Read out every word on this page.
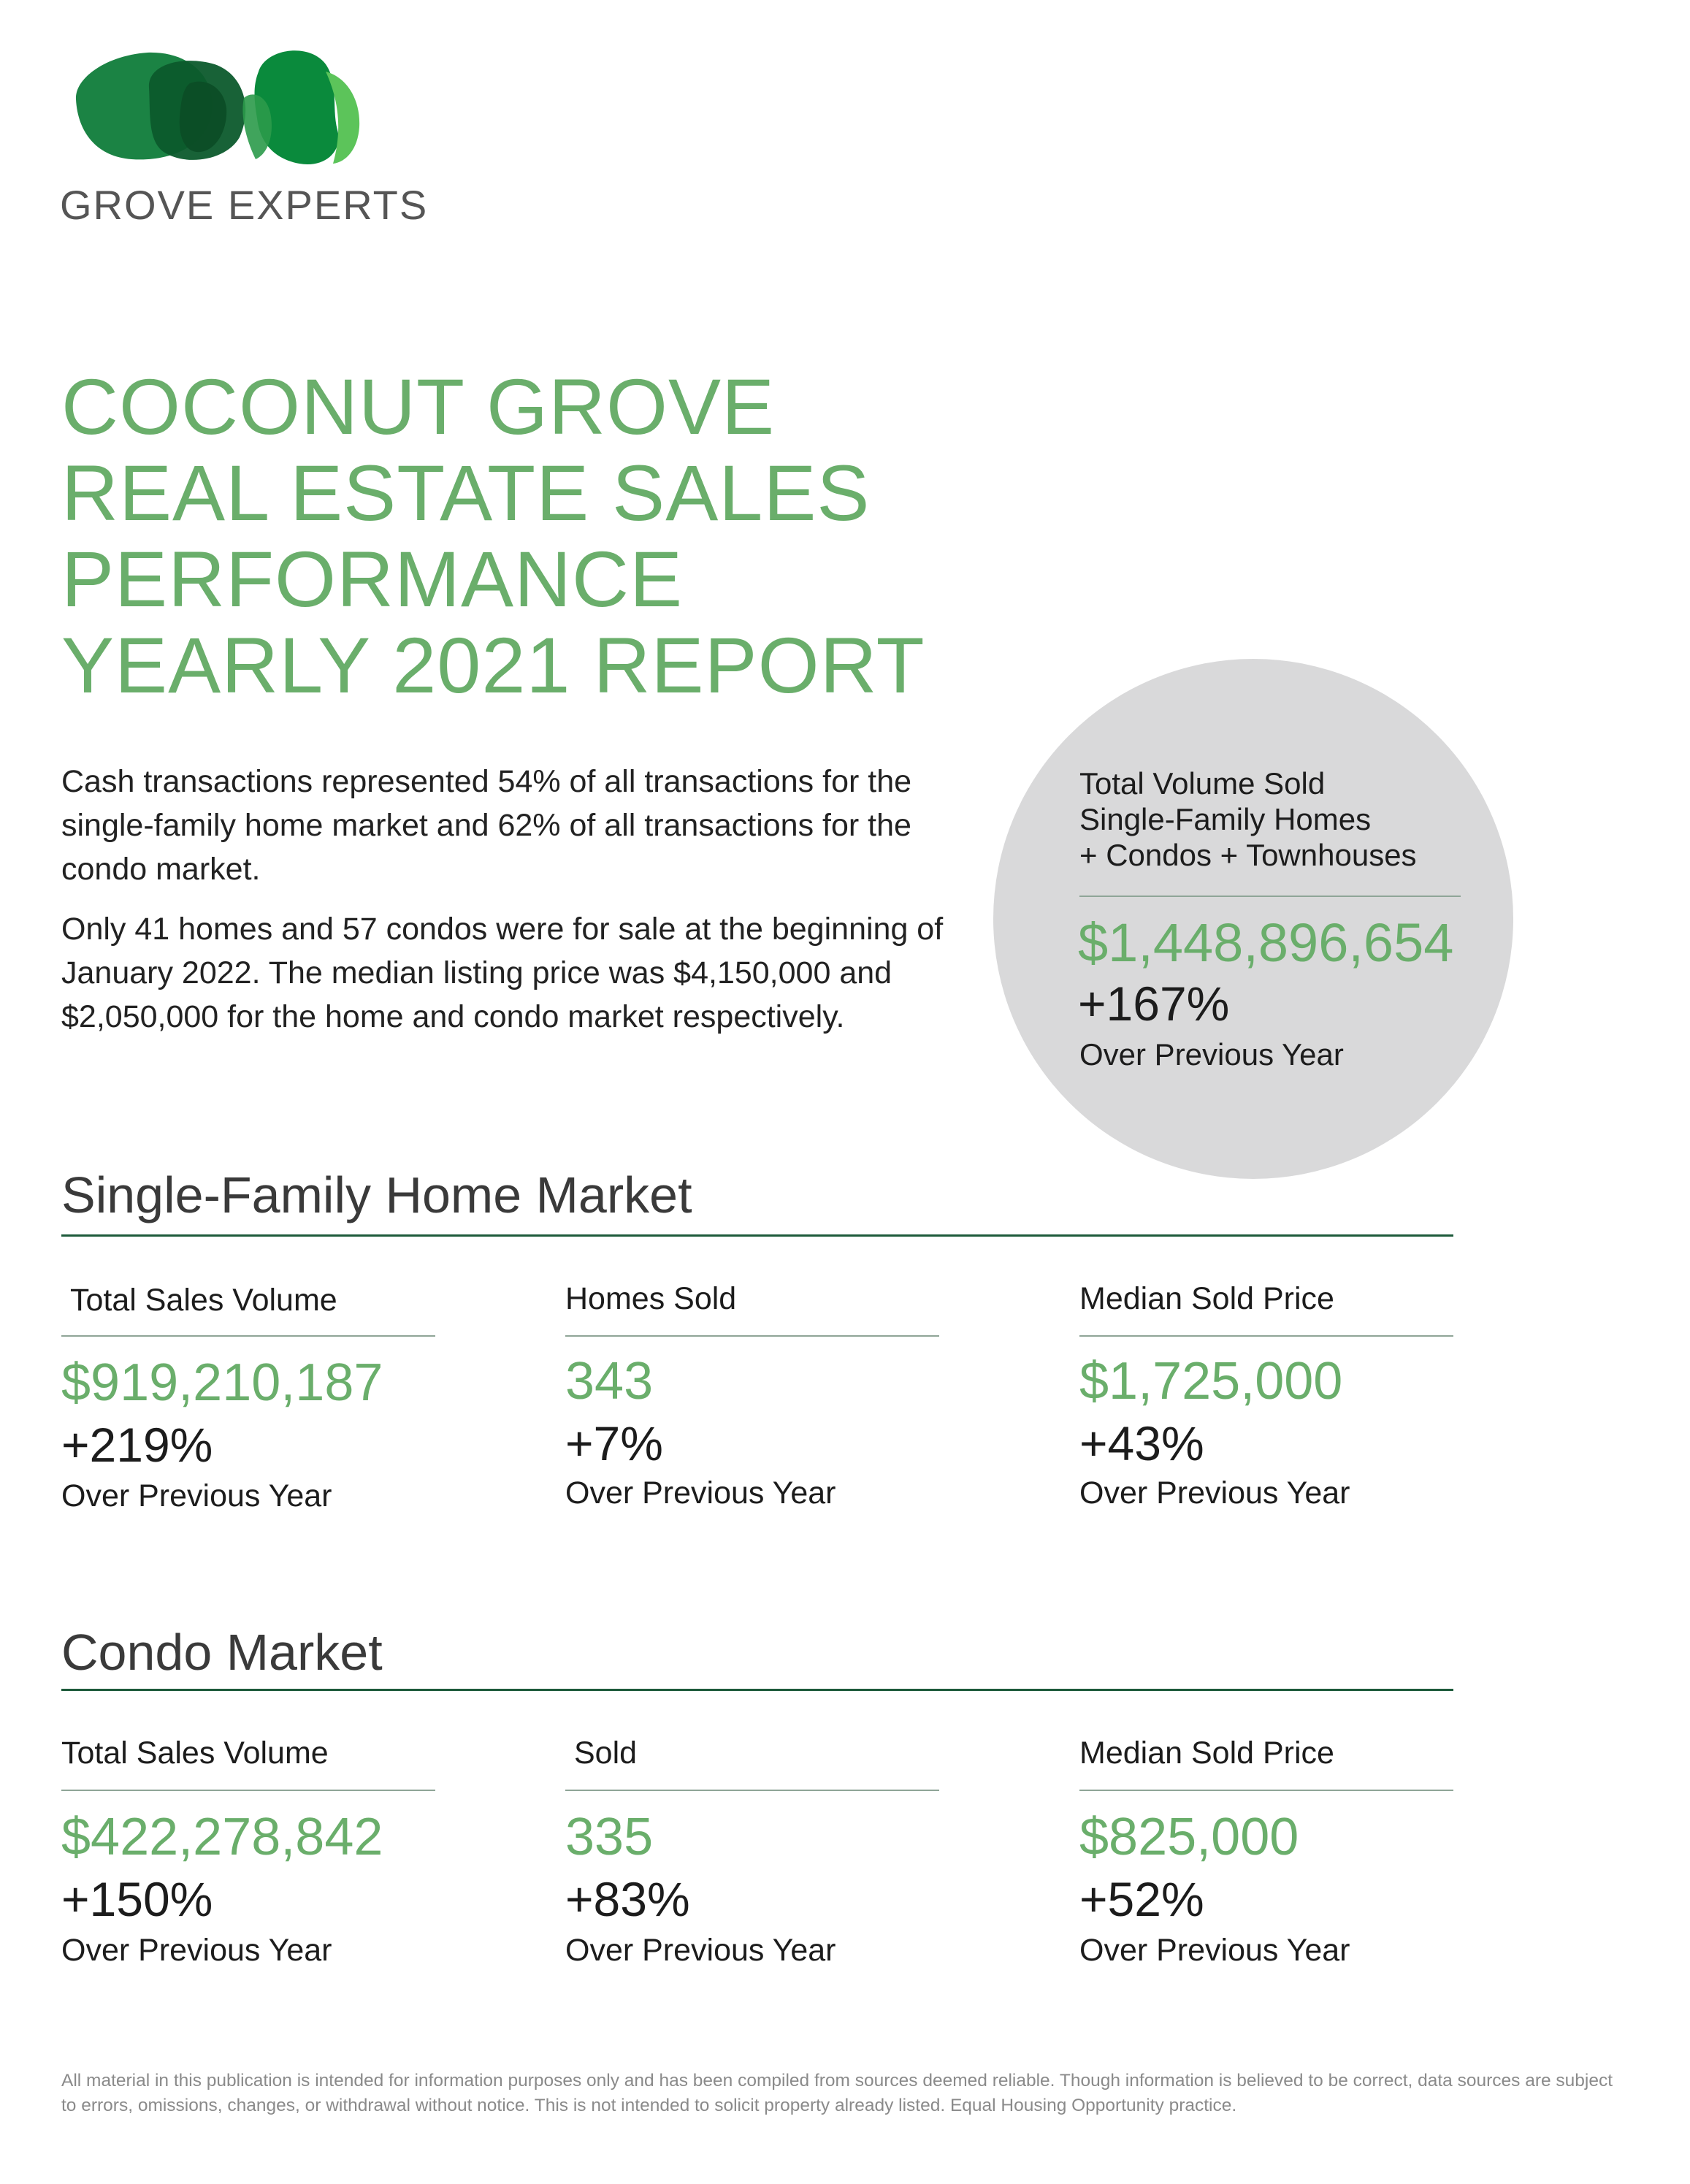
GROVE EXPERTS
COCONUT GROVE
REAL ESTATE SALES
PERFORMANCE
YEARLY 2021 REPORT

Cash transactions represented 54% of all transactions for the single-family home market and 62% of all transactions for the condo market.

Only 41 homes and 57 condos were for sale at the beginning of January 2022. The median listing price was $4,150,000 and $2,050,000 for the home and condo market respectively.

Total Volume Sold
Single-Family Homes
+ Condos + Townhouses
$1,448,896,654
+167%
Over Previous Year
Single-Family Home Market
Total Sales Volume
$919,210,187
+219%
Over Previous Year
Homes Sold
343
+7%
Over Previous Year
Median Sold Price
$1,725,000
+43%
Over Previous Year
Condo Market
Total Sales Volume
$422,278,842
+150%
Over Previous Year
Sold
335
+83%
Over Previous Year
Median Sold Price
$825,000
+52%
Over Previous Year
All material in this publication is intended for information purposes only and has been compiled from sources deemed reliable. Though information is believed to be correct, data sources are subject to errors, omissions, changes, or withdrawal without notice. This is not intended to solicit property already listed. Equal Housing Opportunity practice.
